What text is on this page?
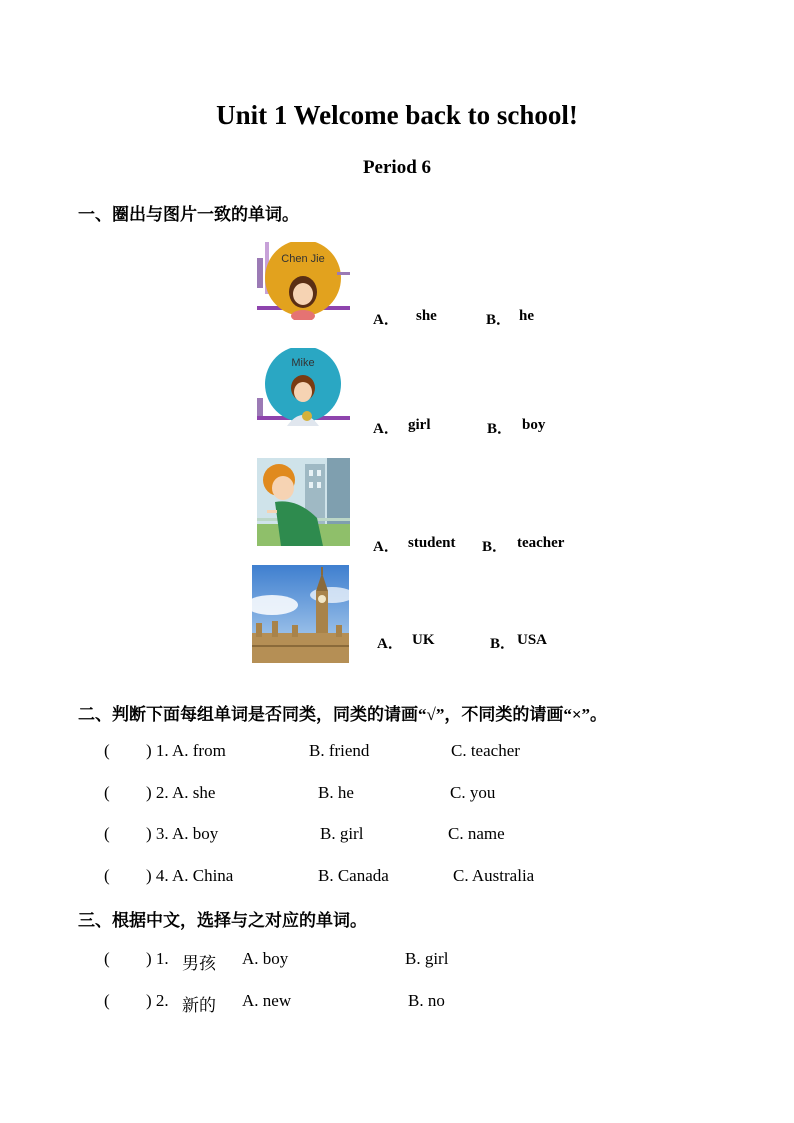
Unit 1 Welcome back to school!
Period 6
一、圈出与图片一致的单词。
Chen Jie
A． she	B． he
Mike
A． girl	B． boy
A． student B． teacher
A． UK	B． USA
二、判断下面每组单词是否同类，同类的请画“√”，不同类的请画“×”。
( ) 1. A. from	B. friend	C. teacher
( ) 2. A. she	B. he	C. you
( ) 3. A. boy	B. girl	C. name
( ) 4. A. China	B. Canada	C. Australia
三、根据中文，选择与之对应的单词。
( ) 1. 男孩 A. boy	B. girl
( ) 2. 新的 A. new	B. no
